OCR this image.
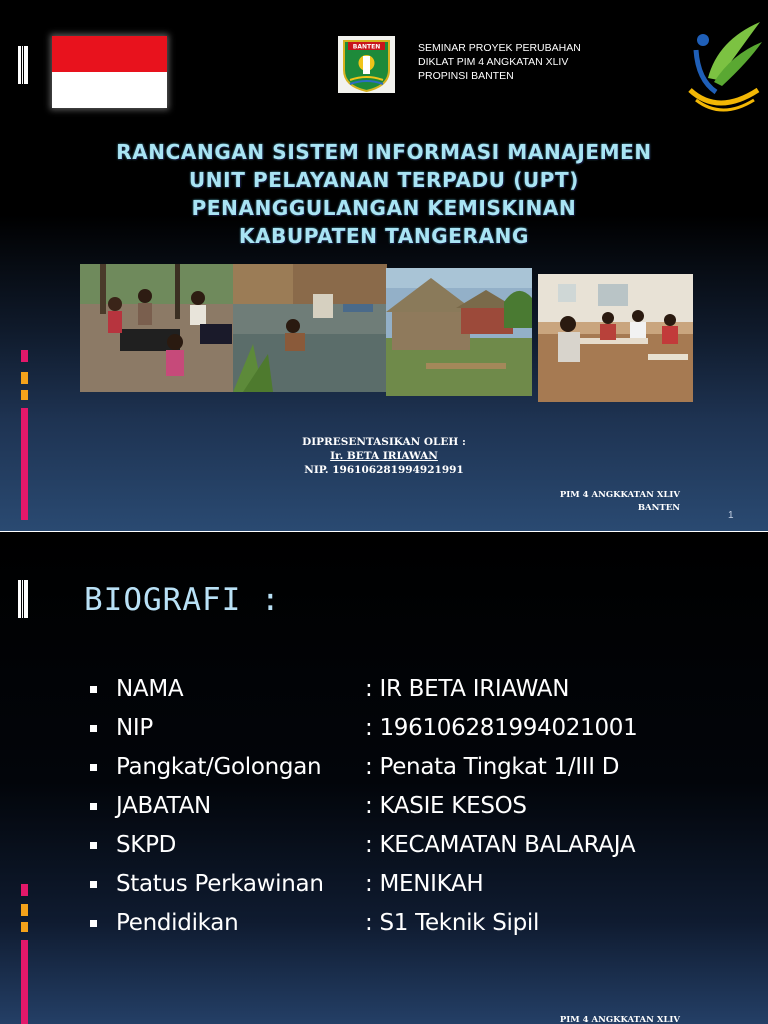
BANTEN	SEMINAR PROYEK PERUBAHAN
DIKLAT PIM 4 ANGKATAN XLIV
PROPINSI BANTEN
RANCANGAN SISTEM INFORMASI MANAJEMEN
UNIT PELAYANAN TERPADU (UPT)
PENANGGULANGAN KEMISKINAN
KABUPATEN TANGERANG
DIPRESENTASIKAN OLEH :
Ir. BETA IRIAWAN
NIP. 196106281994921991
PIM 4 ANGKKATAN XLIV
BANTEN
1
BIOGRAFI :
NAMA	: IR BETA IRIAWAN
NIP	: 196106281994021001
Pangkat/Golongan : Penata Tingkat 1/III D
JABATAN	: KASIE KESOS
SKPD	: KECAMATAN BALARAJA
Status Perkawinan : MENIKAH
Pendidikan	: S1 Teknik Sipil
PIM 4 ANGKKATAN XLIV
